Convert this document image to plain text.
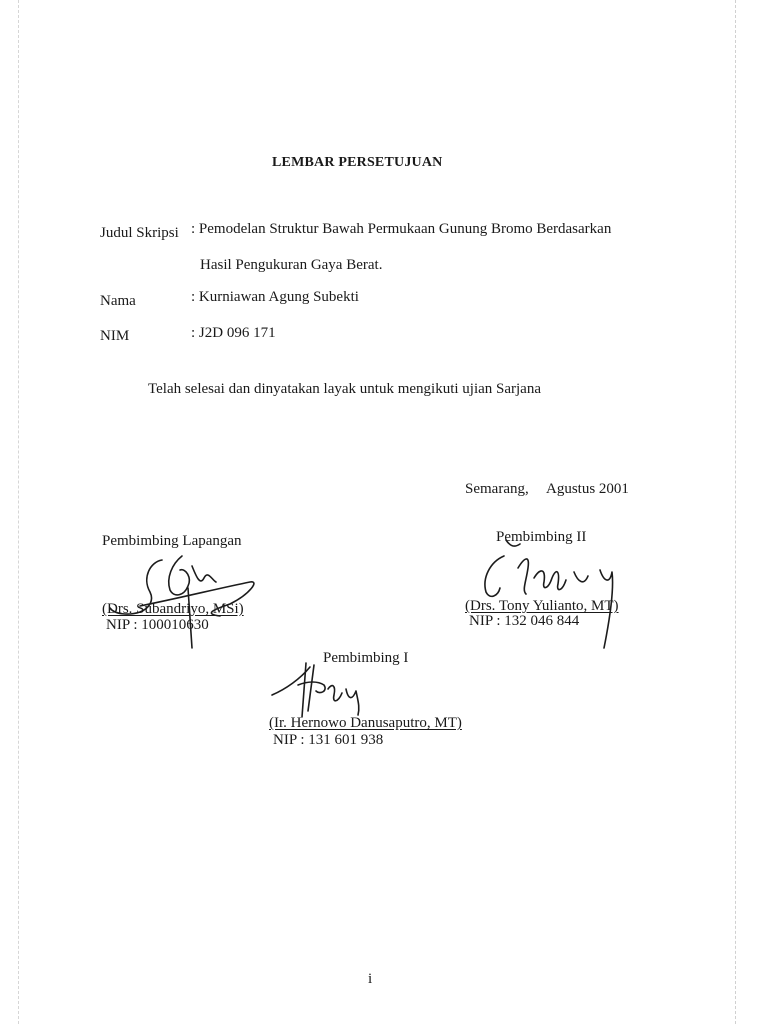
LEMBAR PERSETUJUAN
Judul Skripsi : Pemodelan Struktur Bawah Permukaan Gunung Bromo Berdasarkan
Hasil Pengukuran Gaya Berat.
Nama	: Kurniawan Agung Subekti
NIM	: J2D 096 171
Telah selesai dan dinyatakan layak untuk mengikuti ujian Sarjana
Semarang, Agustus 2001
Pembimbing Lapangan
(Drs. Subandriyo, MSi)
NIP : 100010630
Pembimbing II
(Drs. Tony Yulianto, MT)
NIP : 132 046 844
Pembimbing I
(Ir. Hernowo Danusaputro, MT)
NIP : 131 601 938
i
